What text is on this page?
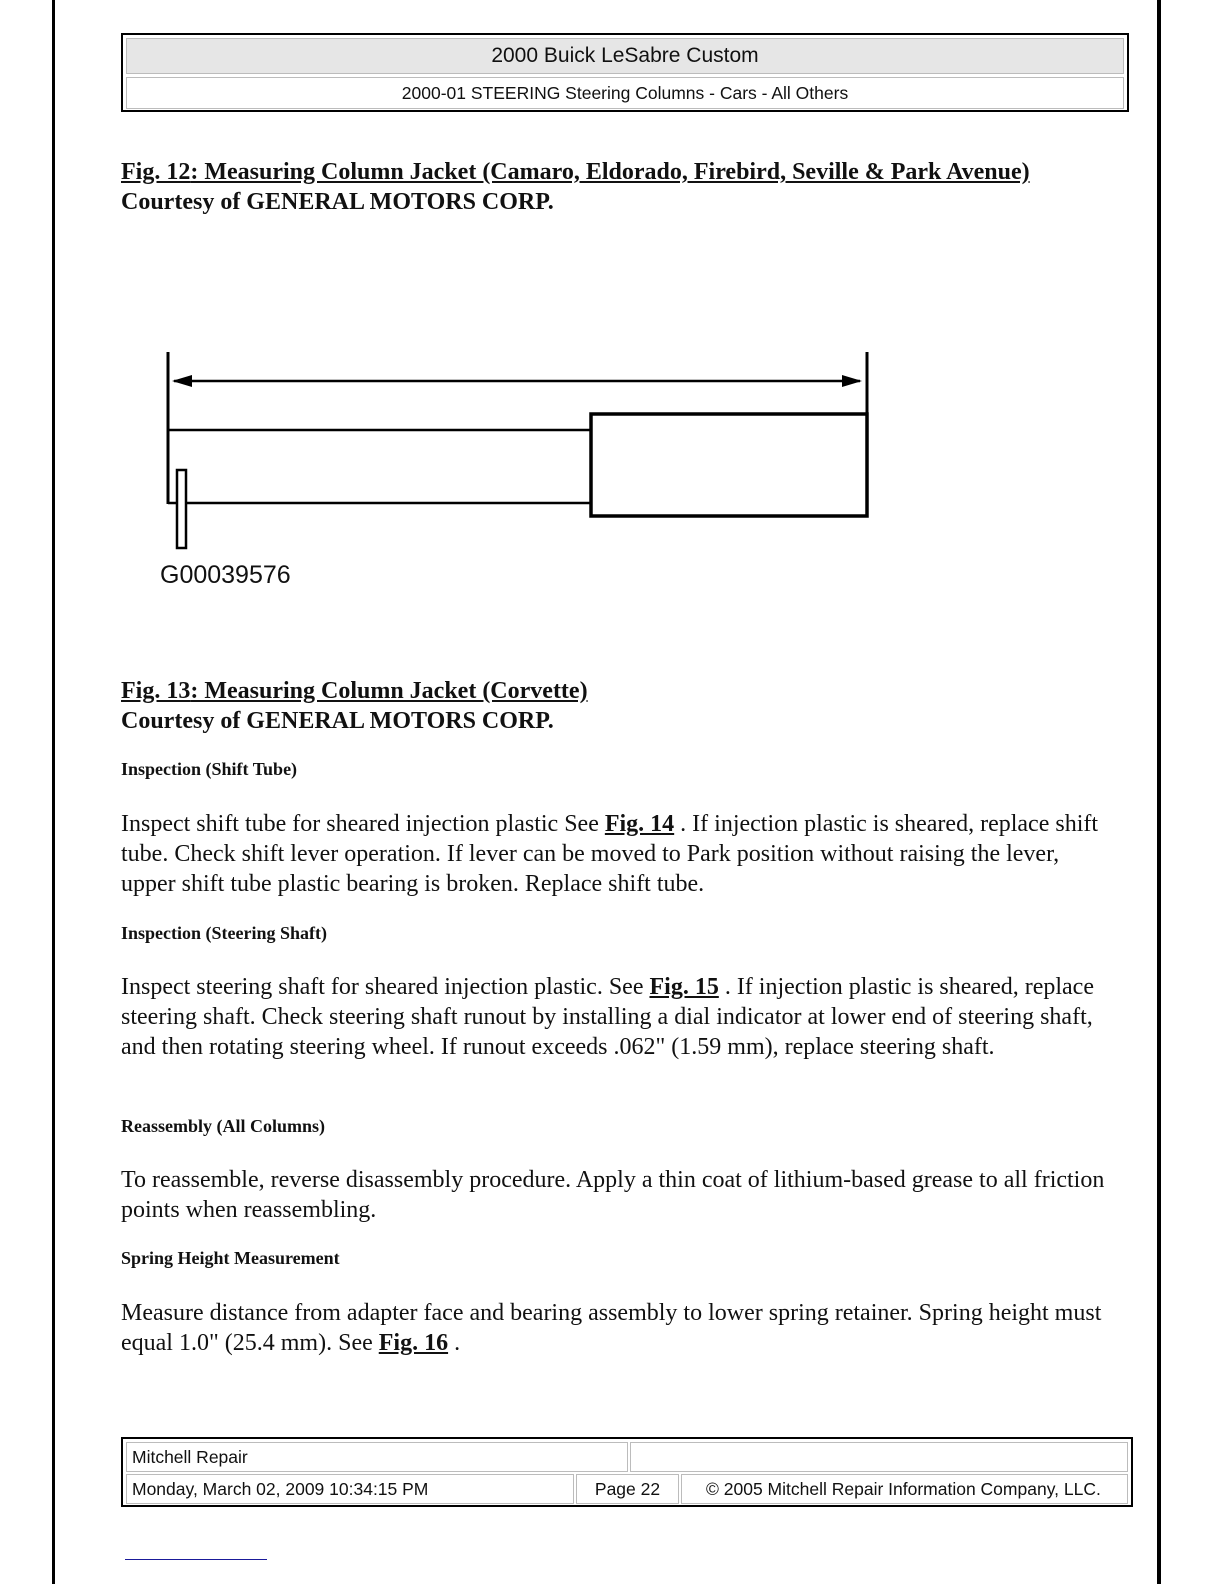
2000 Buick LeSabre Custom
2000-01 STEERING Steering Columns - Cars - All Others
Fig. 12: Measuring Column Jacket (Camaro, Eldorado, Firebird, Seville & Park Avenue)
Courtesy of GENERAL MOTORS CORP.
G00039576
Fig. 13: Measuring Column Jacket (Corvette)
Courtesy of GENERAL MOTORS CORP.
Inspection (Shift Tube)
Inspect shift tube for sheared injection plastic See Fig. 14 . If injection plastic is sheared, replace shift tube. Check shift lever operation. If lever can be moved to Park position without raising the lever, upper shift tube plastic bearing is broken. Replace shift tube.
Inspection (Steering Shaft)
Inspect steering shaft for sheared injection plastic. See Fig. 15 . If injection plastic is sheared, replace steering shaft. Check steering shaft runout by installing a dial indicator at lower end of steering shaft, and then rotating steering wheel. If runout exceeds .062" (1.59 mm), replace steering shaft.
Reassembly (All Columns)
To reassemble, reverse disassembly procedure. Apply a thin coat of lithium-based grease to all friction points when reassembling.
Spring Height Measurement
Measure distance from adapter face and bearing assembly to lower spring retainer. Spring height must equal 1.0" (25.4 mm). See Fig. 16 .
Mitchell Repair
Monday, March 02, 2009 10:34:15 PM	Page 22	© 2005 Mitchell Repair Information Company, LLC.
